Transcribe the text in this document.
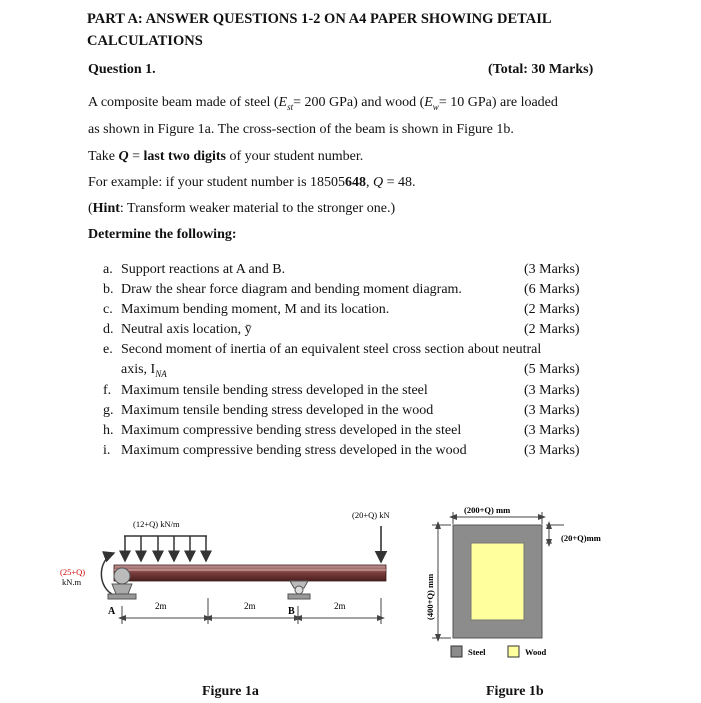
PART A: ANSWER QUESTIONS 1-2 ON A4 PAPER SHOWING DETAIL
CALCULATIONS
Question 1.	(Total: 30 Marks)
A composite beam made of steel ($E_{st}= 200$ GPa) and wood ($E_w= 10$ GPa) are loaded
as shown in Figure 1a. The cross-section of the beam is shown in Figure 1b.
Take Q = last two digits of your student number.
For example: if your student number is 18505648, Q = 48.
(Hint: Transform weaker material to the stronger one.)
Determine the following:
a. Support reactions at A and B.	(3 Marks)
b. Draw the shear force diagram and bending moment diagram.	(6 Marks)
c. Maximum bending moment, M and its location.	(2 Marks)
d. Neutral axis location, ȳ	(2 Marks)
e. Second moment of inertia of an equivalent steel cross section about neutral
axis, $I_{NA}$	(5 Marks)
f. Maximum tensile bending stress developed in the steel	(3 Marks)
g. Maximum tensile bending stress developed in the wood	(3 Marks)
h. Maximum compressive bending stress developed in the steel	(3 Marks)
i. Maximum compressive bending stress developed in the wood	(3 Marks)
(12+Q) kN/m
(20+Q) kN
(25+Q)
kN.m
A	B
2m	2m	2m
Figure 1a
(200+Q) mm
(20+Q)mm
(400+Q) mm
Steel	Wood
Figure 1b
